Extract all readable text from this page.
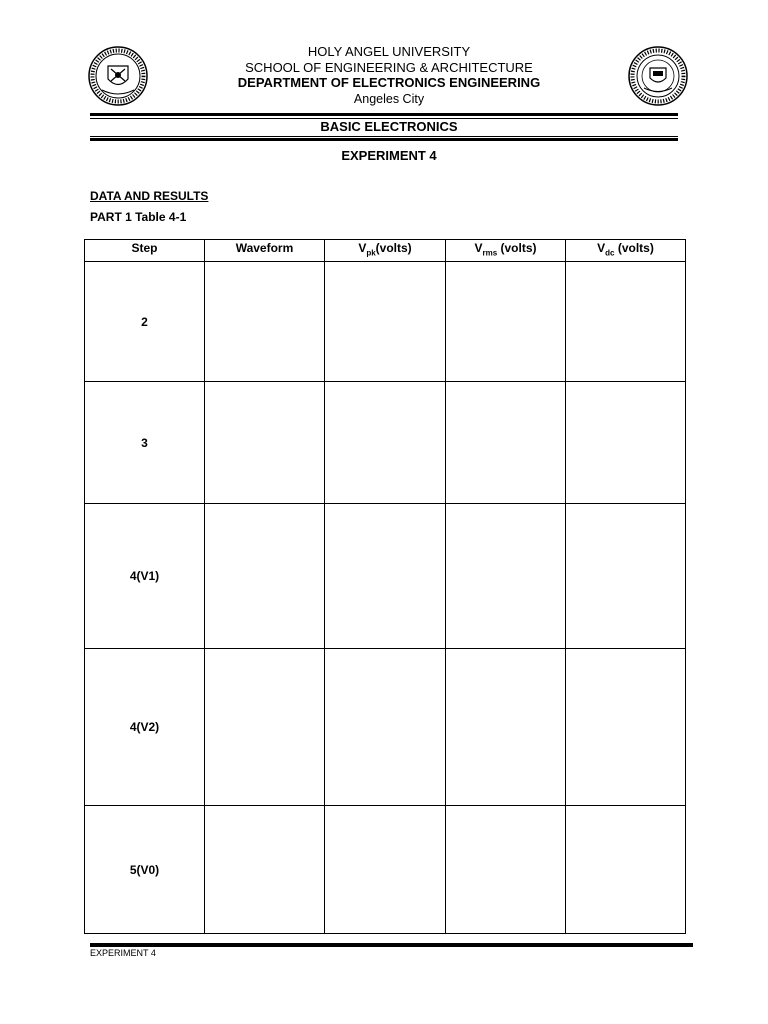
HOLY ANGEL UNIVERSITY
SCHOOL OF ENGINEERING & ARCHITECTURE
DEPARTMENT OF ELECTRONICS ENGINEERING
Angeles City
BASIC ELECTRONICS
EXPERIMENT 4
DATA AND RESULTS
PART 1 Table 4-1
Step	Waveform	$V_{pk}(volts)$	$V_{rms}$ (volts)	$V_{dc}$ (volts)
2				
3				
4(V1)				
4(V2)				
5(V0)				
EXPERIMENT 4
